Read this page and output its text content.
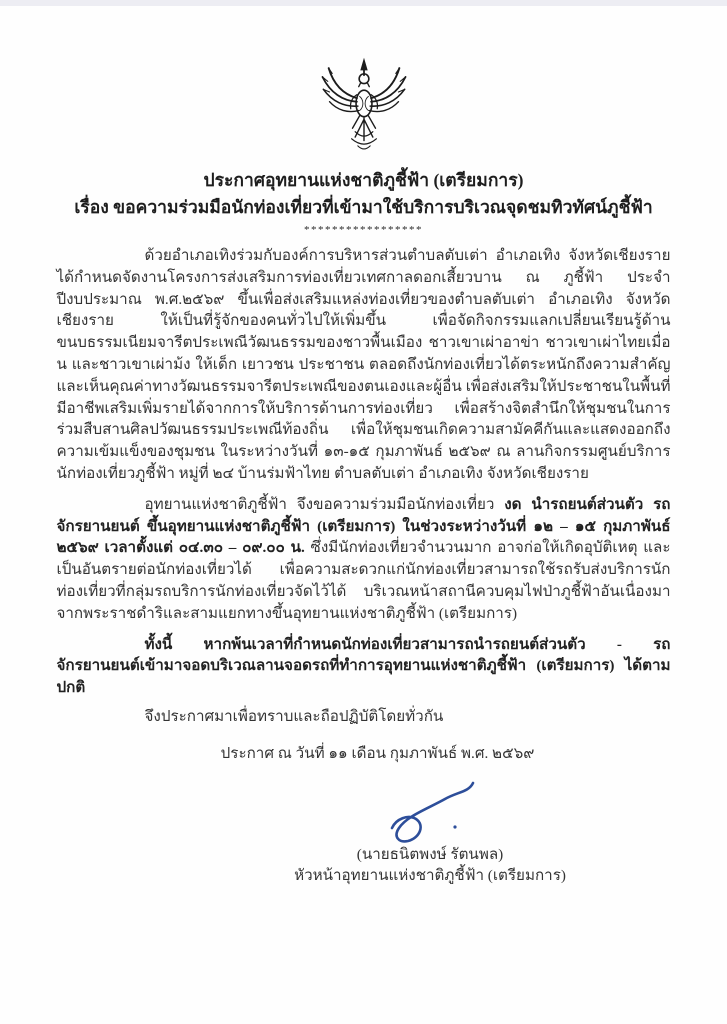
ประกาศอุทยานแห่งชาติภูชี้ฟ้า (เตรียมการ)
เรื่อง ขอความร่วมมือนักท่องเที่ยวที่เข้ามาใช้บริการบริเวณจุดชมทิวทัศน์ภูชี้ฟ้า
*****************

ด้วยอำเภอเทิงร่วมกับองค์การบริหารส่วนตำบลตับเต่า อำเภอเทิง จังหวัดเชียงราย ได้กำหนดจัดงานโครงการส่งเสริมการท่องเที่ยวเทศกาลดอกเสี้ยวบาน ณ ภูชี้ฟ้า ประจำปีงบประมาณ พ.ศ.๒๕๖๙ ขึ้นเพื่อส่งเสริมแหล่งท่องเที่ยวของตำบลตับเต่า อำเภอเทิง จังหวัดเชียงราย ให้เป็นที่รู้จักของคนทั่วไปให้เพิ่มขึ้น เพื่อจัดกิจกรรมแลกเปลี่ยนเรียนรู้ด้านขนบธรรมเนียมจารีตประเพณีวัฒนธรรมของชาวพื้นเมือง ชาวเขาเผ่าอาข่า ชาวเขาเผ่าไทยเมื่อน และชาวเขาเผ่าม้ง ให้เด็ก เยาวชน ประชาชน ตลอดถึงนักท่องเที่ยวได้ตระหนักถึงความสำคัญและเห็นคุณค่าทางวัฒนธรรมจารีตประเพณีของตนเองและผู้อื่น เพื่อส่งเสริมให้ประชาชนในพื้นที่มีอาชีพเสริมเพิ่มรายได้จากการให้บริการด้านการท่องเที่ยว เพื่อสร้างจิตสำนึกให้ชุมชนในการร่วมสืบสานศิลปวัฒนธรรมประเพณีท้องถิ่น เพื่อให้ชุมชนเกิดความสามัคคีกันและแสดงออกถึงความเข้มแข็งของชุมชน ในระหว่างวันที่ ๑๓-๑๕ กุมภาพันธ์ ๒๕๖๙ ณ ลานกิจกรรมศูนย์บริการนักท่องเที่ยวภูชี้ฟ้า หมู่ที่ ๒๔ บ้านร่มฟ้าไทย ตำบลตับเต่า อำเภอเทิง จังหวัดเชียงราย

อุทยานแห่งชาติภูชี้ฟ้า จึงขอความร่วมมือนักท่องเที่ยว งด นำรถยนต์ส่วนตัว รถจักรยานยนต์ ขึ้นอุทยานแห่งชาติภูชี้ฟ้า (เตรียมการ) ในช่วงระหว่างวันที่ ๑๒ – ๑๕ กุมภาพันธ์ ๒๕๖๙ เวลาตั้งแต่ ๐๔.๓๐ – ๐๙.๐๐ น. ซึ่งมีนักท่องเที่ยวจำนวนมาก อาจก่อให้เกิดอุบัติเหตุ และเป็นอันตรายต่อนักท่องเที่ยวได้ เพื่อความสะดวกแก่นักท่องเที่ยวสามารถใช้รถรับส่งบริการนักท่องเที่ยวที่กลุ่มรถบริการนักท่องเที่ยวจัดไว้ได้ บริเวณหน้าสถานีควบคุมไฟป่าภูชี้ฟ้าอันเนื่องมาจากพระราชดำริและสามแยกทางขึ้นอุทยานแห่งชาติภูชี้ฟ้า (เตรียมการ)

ทั้งนี้ หากพ้นเวลาที่กำหนดนักท่องเที่ยวสามารถนำรถยนต์ส่วนตัว - รถจักรยานยนต์เข้ามาจอดบริเวณลานจอดรถที่ทำการอุทยานแห่งชาติภูชี้ฟ้า (เตรียมการ) ได้ตามปกติ

จึงประกาศมาเพื่อทราบและถือปฏิบัติโดยทั่วกัน

ประกาศ ณ วันที่ ๑๑ เดือน กุมภาพันธ์ พ.ศ. ๒๕๖๙

(นายธนิตพงษ์ รัตนพล)
หัวหน้าอุทยานแห่งชาติภูชี้ฟ้า (เตรียมการ)
